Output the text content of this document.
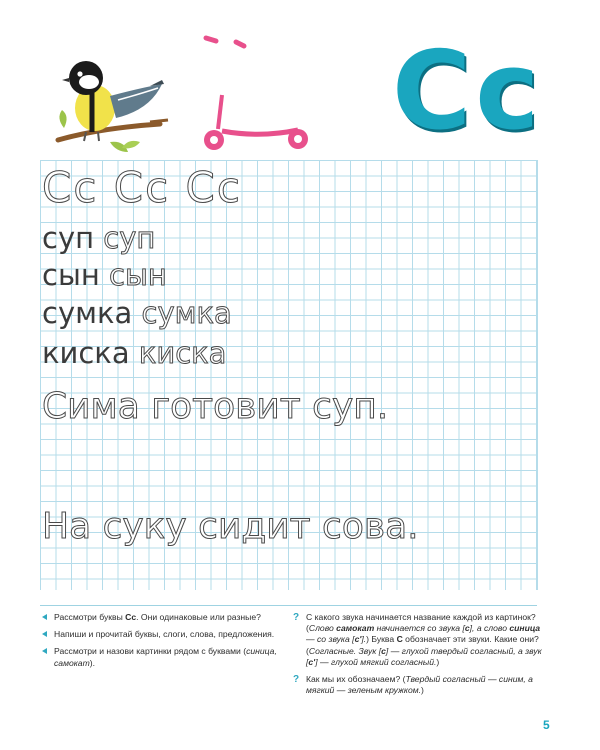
Cc
Cc Cc Cc
суп суп
сын сын
сумка сумка
киска киска
Сима готовит суп.
На суку сидит сова.
Рассмотри буквы Cc. Они одинаковые или разные?
Напиши и прочитай буквы, слоги, слова, предложения.
Рассмотри и назови картинки рядом с буквами (синица, самокат).
? С какого звука начинается название каждой из картинок? (Слово самокат начинается со звука [с], а слово синица — со звука [с'].) Буква С обозначает эти звуки. Какие они? (Согласные. Звук [с] — глухой твердый согласный, а звук [с'] — глухой мягкий согласный.)
? Как мы их обозначаем? (Твердый согласный — синим, а мягкий — зеленым кружком.)
5
